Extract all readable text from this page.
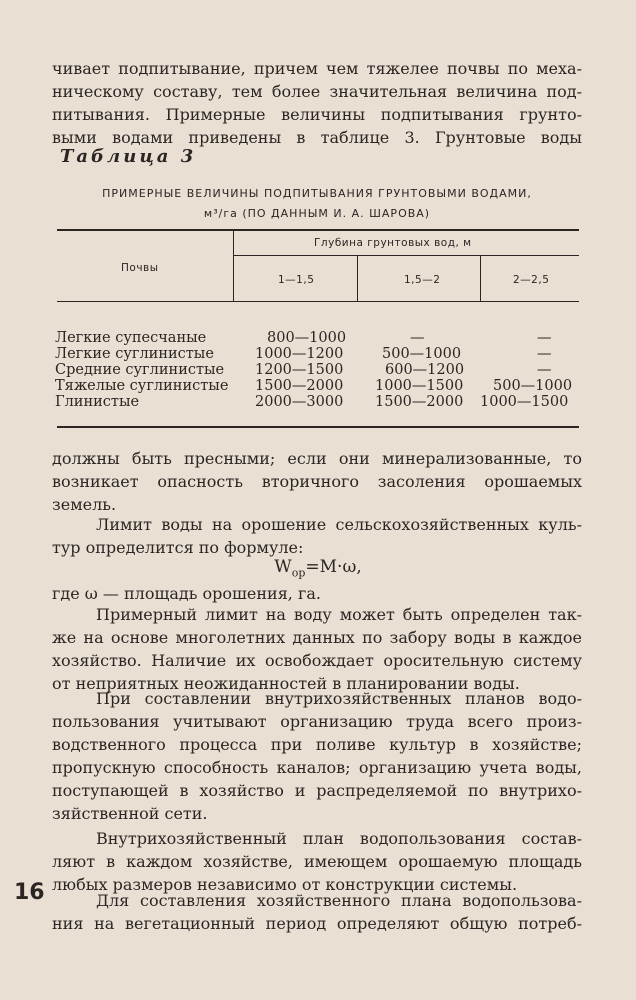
чивает подпитывание, причем чем тяжелее почвы по меха-
ническому составу, тем более значительная величина под-
питывания. Примерные величины подпитывания грунто-
выми водами приведены в таблице 3. Грунтовые воды
Таблица 3
ПРИМЕРНЫЕ ВЕЛИЧИНЫ ПОДПИТЫВАНИЯ ГРУНТОВЫМИ ВОДАМИ,
м³/га (ПО ДАННЫМ И. А. ШАРОВА)
Почвы
Глубина грунтовых вод, м
1—1,5	1,5—2	2—2,5
Легкие супесчаные	800—1000	—	—
Легкие суглинистые	1000—1200	500—1000	—
Средние суглинистые 1200—1500	600—1200	—
Тяжелые суглинистые 1500—2000 1000—1500 500—1000
Глинистые	2000—3000 1500—2000 1000—1500
должны быть пресными; если они минерализованные, то
возникает опасность вторичного засоления орошаемых
земель.
Лимит воды на орошение сельскохозяйственных куль-
тур определится по формуле:
$W_{op}=M\cdot\omega$,
где ω — площадь орошения, га.
Примерный лимит на воду может быть определен так-
же на основе многолетних данных по забору воды в каждое
хозяйство. Наличие их освобождает оросительную систему
от неприятных неожиданностей в планировании воды.
При составлении внутрихозяйственных планов водо-
пользования учитывают организацию труда всего произ-
водственного процесса при поливе культур в хозяйстве;
пропускную способность каналов; организацию учета воды,
поступающей в хозяйство и распределяемой по внутрихо-
зяйственной сети.
Внутрихозяйственный план водопользования состав-
ляют в каждом хозяйстве, имеющем орошаемую площадь
любых размеров независимо от конструкции системы.
Для составления хозяйственного плана водопользова-
ния на вегетационный период определяют общую потреб-
16
